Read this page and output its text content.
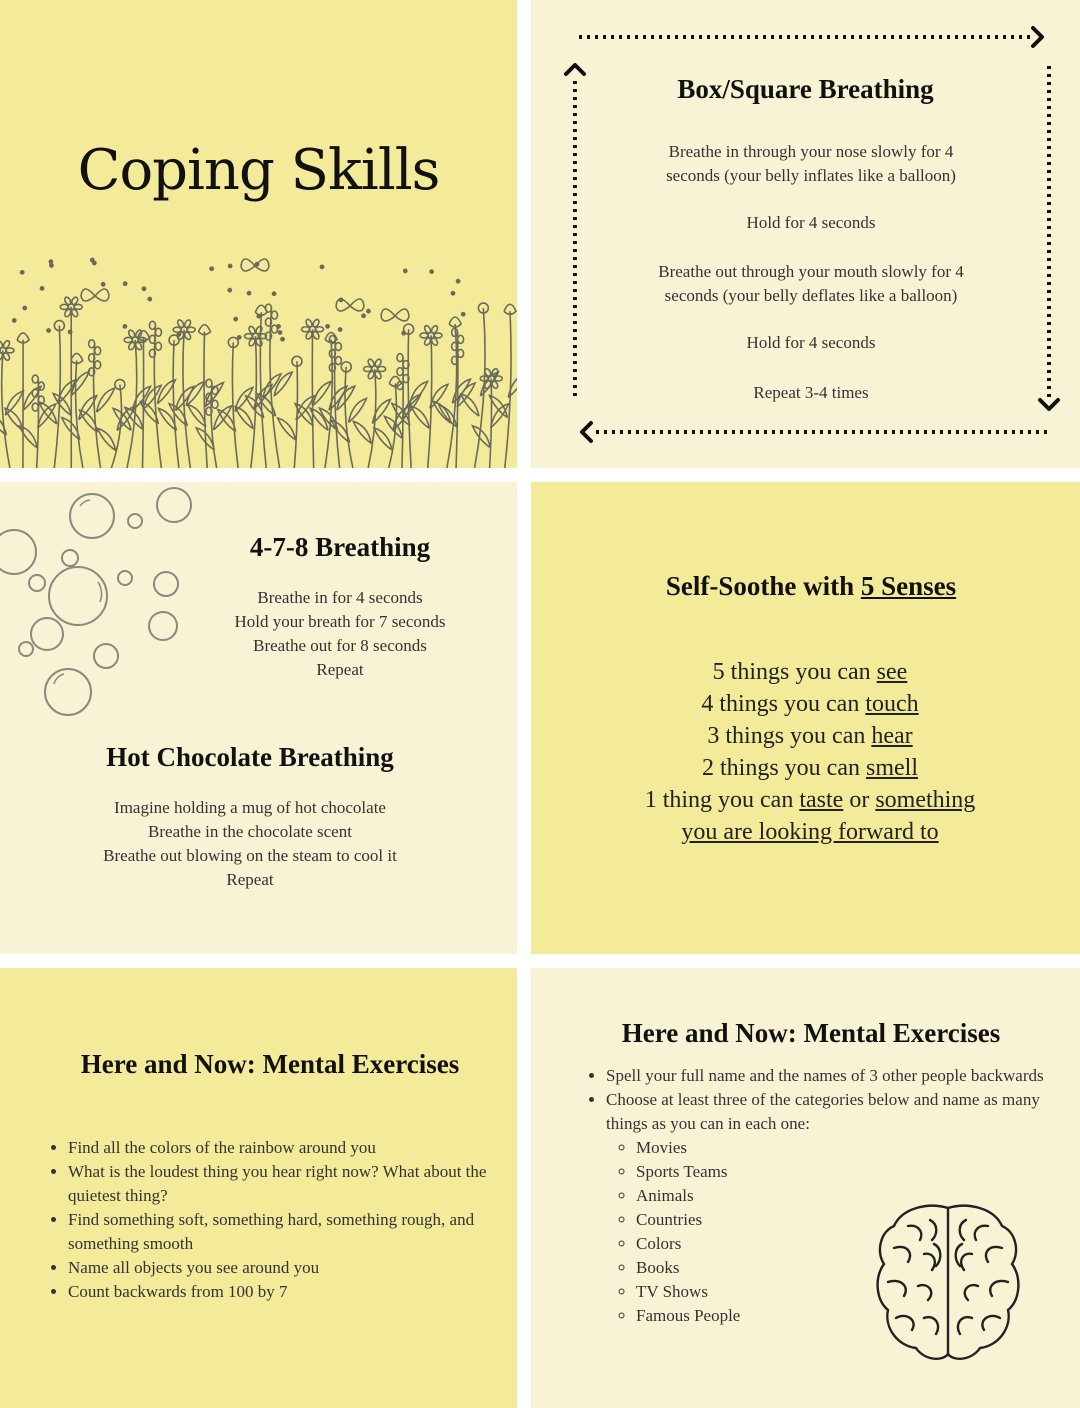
Coping Skills
Box/Square Breathing
Breathe in through your nose slowly for 4
seconds (your belly inflates like a balloon)
Hold for 4 seconds
Breathe out through your mouth slowly for 4
seconds (your belly deflates like a balloon)
Hold for 4 seconds
Repeat 3-4 times
4-7-8 Breathing
Breathe in for 4 seconds
Hold your breath for 7 seconds
Breathe out for 8 seconds
Repeat
Hot Chocolate Breathing
Imagine holding a mug of hot chocolate
Breathe in the chocolate scent
Breathe out blowing on the steam to cool it
Repeat
Self-Soothe with 5 Senses
5 things you can see
4 things you can touch
3 things you can hear
2 things you can smell
1 thing you can taste or something
you are looking forward to
Here and Now: Mental Exercises
• Find all the colors of the rainbow around you
• What is the loudest thing you hear right now? What about the quietest thing?
• Find something soft, something hard, something rough, and something smooth
• Name all objects you see around you
• Count backwards from 100 by 7
Here and Now: Mental Exercises
• Spell your full name and the names of 3 other people backwards
• Choose at least three of the categories below and name as many things as you can in each one:
◦ Movies
◦ Sports Teams
◦ Animals
◦ Countries
◦ Colors
◦ Books
◦ TV Shows
◦ Famous People
